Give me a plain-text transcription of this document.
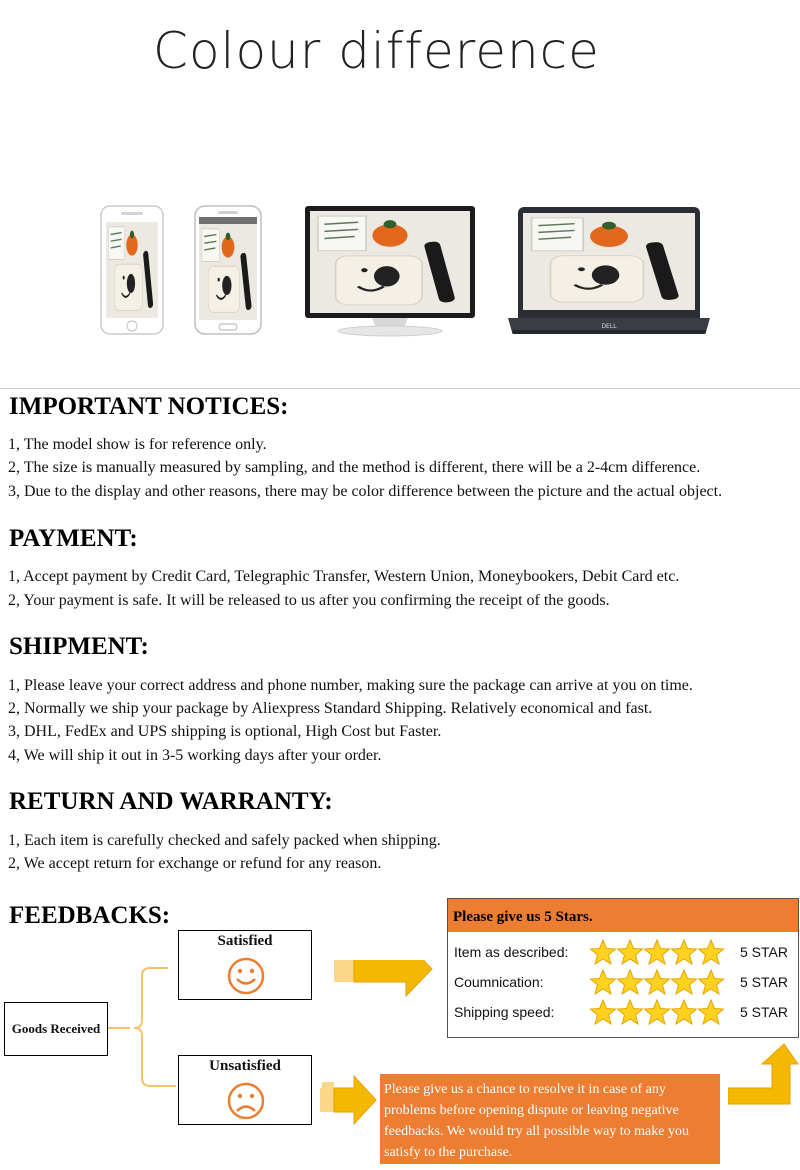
Colour difference
DELL
IMPORTANT NOTICES:
1, The model show is for reference only.
2, The size is manually measured by sampling, and the method is different, there will be a 2-4cm difference.
3, Due to the display and other reasons, there may be color difference between the picture and the actual object.
PAYMENT:
1, Accept payment by Credit Card, Telegraphic Transfer, Western Union, Moneybookers, Debit Card etc.
2, Your payment is safe. It will be released to us after you confirming the receipt of the goods.
SHIPMENT:
1, Please leave your correct address and phone number, making sure the package can arrive at you on time.
2, Normally we ship your package by Aliexpress Standard Shipping. Relatively economical and fast.
3, DHL, FedEx and UPS shipping is optional, High Cost but Faster.
4, We will ship it out in 3-5 working days after your order.
RETURN AND WARRANTY:
1, Each item is carefully checked and safely packed when shipping.
2, We accept return for exchange or refund for any reason.
FEEDBACKS:
Goods Received
Satisfied
Unsatisfied
Please give us 5 Stars.
Item as described:	5 STAR
Coumnication:	5 STAR
Shipping speed:	5 STAR

Please give us a chance to resolve it in case of any problems before opening dispute or leaving negative feedbacks. We would try all possible way to make you satisfy to the purchase.
